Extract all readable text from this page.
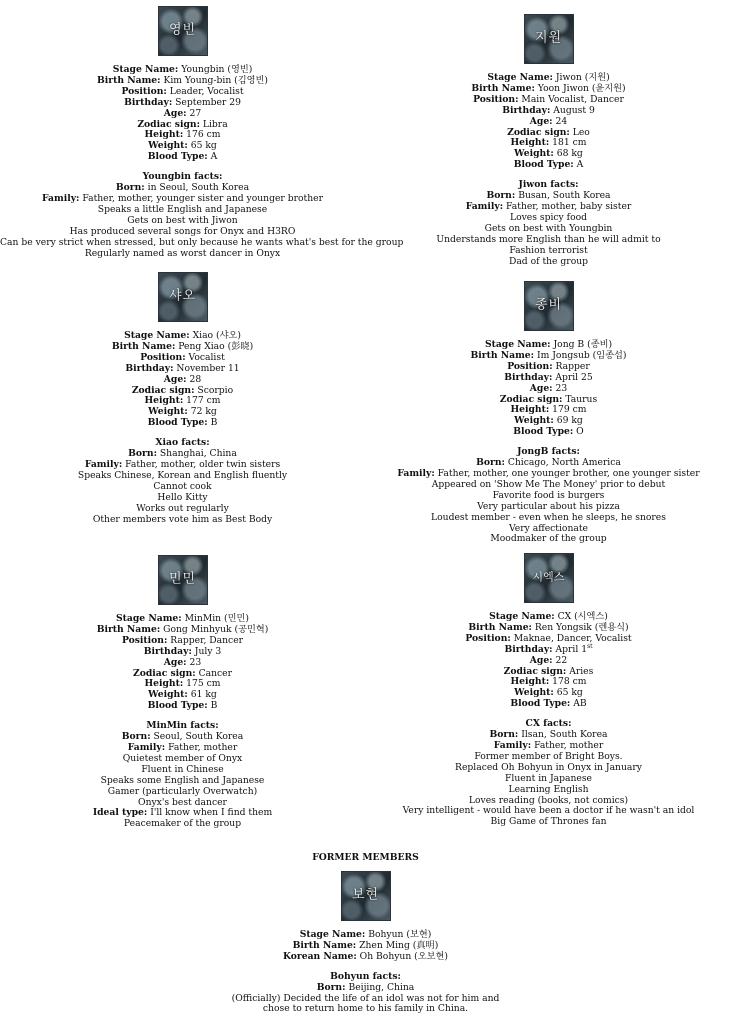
영빈
Stage Name: Youngbin (영빈)
Birth Name: Kim Young-bin (김영빈)
Position: Leader, Vocalist
Birthday: September 29
Age: 27
Zodiac sign: Libra
Height: 176 cm
Weight: 65 kg
Blood Type: A
Youngbin facts:
Born: in Seoul, South Korea
Family: Father, mother, younger sister and younger brother
Speaks a little English and Japanese
Gets on best with Jiwon
Has produced several songs for Onyx and H3RO
Can be very strict when stressed, but only because he wants what's best for the group
Regularly named as worst dancer in Onyx
지원
Stage Name: Jiwon (지원)
Birth Name: Yoon Jiwon (윤지원)
Position: Main Vocalist, Dancer
Birthday: August 9
Age: 24
Zodiac sign: Leo
Height: 181 cm
Weight: 68 kg
Blood Type: A
Jiwon facts:
Born: Busan, South Korea
Family: Father, mother, baby sister
Loves spicy food
Gets on best with Youngbin
Understands more English than he will admit to
Fashion terrorist
Dad of the group
샤오
Stage Name: Xiao (샤오)
Birth Name: Peng Xiao (彭晓)
Position: Vocalist
Birthday: November 11
Age: 28
Zodiac sign: Scorpio
Height: 177 cm
Weight: 72 kg
Blood Type: B
Xiao facts:
Born: Shanghai, China
Family: Father, mother, older twin sisters
Speaks Chinese, Korean and English fluently
Cannot cook
Hello Kitty
Works out regularly
Other members vote him as Best Body
종비
Stage Name: Jong B (종비)
Birth Name: Im Jongsub (임종섭)
Position: Rapper
Birthday: April 25
Age: 23
Zodiac sign: Taurus
Height: 179 cm
Weight: 69 kg
Blood Type: O
JongB facts:
Born: Chicago, North America
Family: Father, mother, one younger brother, one younger sister
Appeared on 'Show Me The Money' prior to debut
Favorite food is burgers
Very particular about his pizza
Loudest member - even when he sleeps, he snores
Very affectionate
Moodmaker of the group
민민
Stage Name: MinMin (민민)
Birth Name: Gong Minhyuk (공민혁)
Position: Rapper, Dancer
Birthday: July 3
Age: 23
Zodiac sign: Cancer
Height: 175 cm
Weight: 61 kg
Blood Type: B
MinMin facts:
Born: Seoul, South Korea
Family: Father, mother
Quietest member of Onyx
Fluent in Chinese
Speaks some English and Japanese
Gamer (particularly Overwatch)
Onyx's best dancer
Ideal type: I'll know when I find them
Peacemaker of the group
시엑스
Stage Name: CX (시엑스)
Birth Name: Ren Yongsik (렌용식)
Position: Maknae, Dancer, Vocalist
Birthday: April 1st
Age: 22
Zodiac sign: Aries
Height: 178 cm
Weight: 65 kg
Blood Type: AB
CX facts:
Born: Ilsan, South Korea
Family: Father, mother
Former member of Bright Boys.
Replaced Oh Bohyun in Onyx in January
Fluent in Japanese
Learning English
Loves reading (books, not comics)
Very intelligent - would have been a doctor if he wasn't an idol
Big Game of Thrones fan
FORMER MEMBERS
보현
Stage Name: Bohyun (보현)
Birth Name: Zhen Ming (真明)
Korean Name: Oh Bohyun (오보현)
Bohyun facts:
Born: Beijing, China
(Officially) Decided the life of an idol was not for him and
chose to return home to his family in China.
